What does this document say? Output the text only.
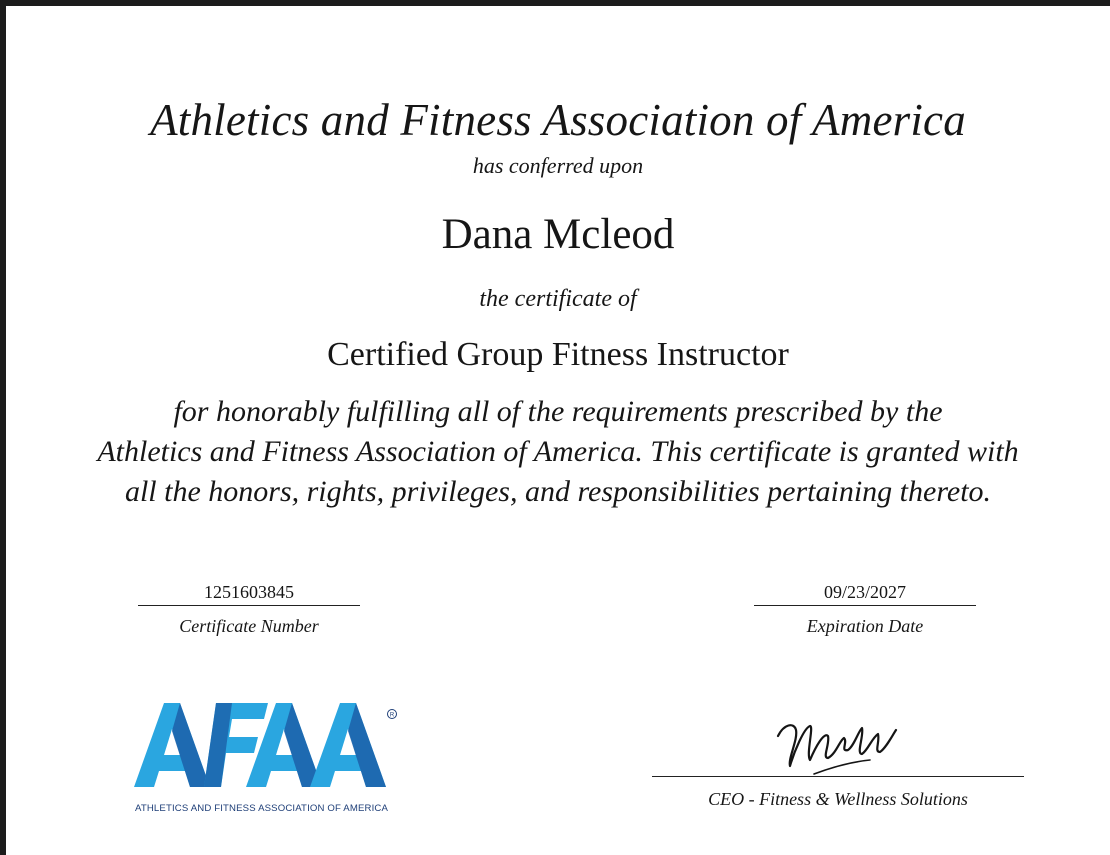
Athletics and Fitness Association of America
has conferred upon
Dana Mcleod
the certificate of
Certified Group Fitness Instructor
for honorably fulfilling all of the requirements prescribed by the
Athletics and Fitness Association of America. This certificate is granted with
all the honors, rights, privileges, and responsibilities pertaining thereto.
1251603845
Certificate Number
09/23/2027
Expiration Date
R
ATHLETICS AND FITNESS ASSOCIATION OF AMERICA	CEO - Fitness & Wellness Solutions
